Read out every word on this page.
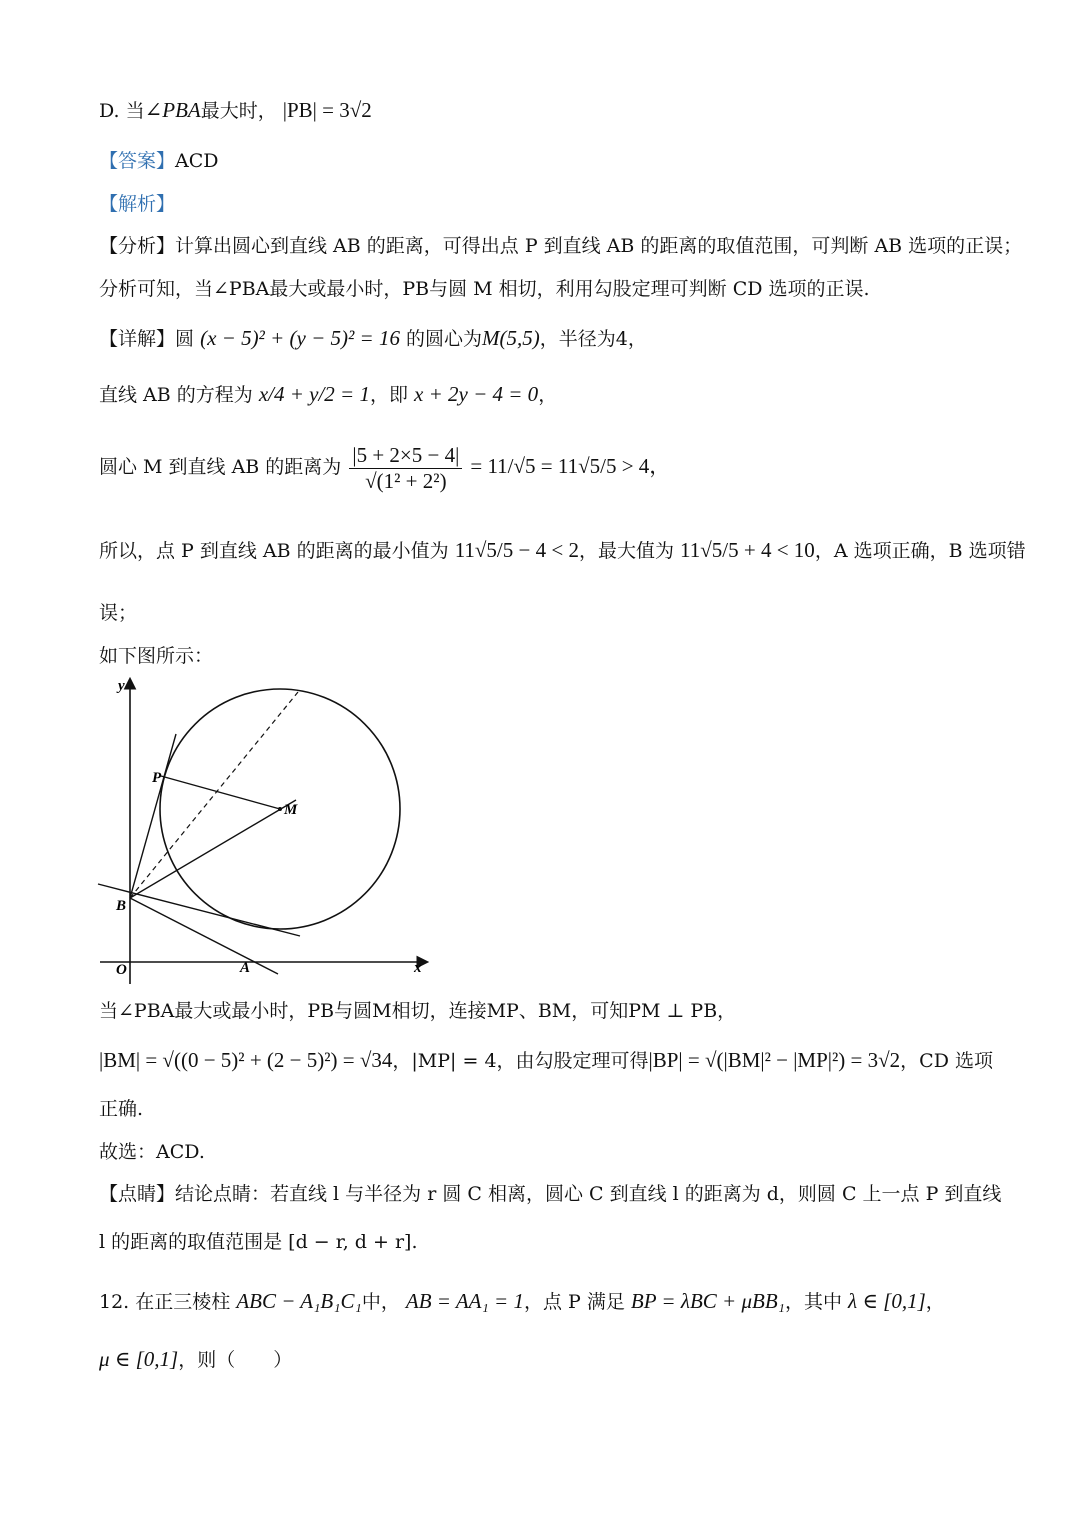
D. 当∠PBA最大时， |PB| = 3√2
【答案】ACD
【解析】
【分析】计算出圆心到直线 AB 的距离，可得出点 P 到直线 AB 的距离的取值范围，可判断 AB 选项的正误；
分析可知，当∠PBA最大或最小时，PB与圆 M 相切，利用勾股定理可判断 CD 选项的正误.
【详解】圆 (x − 5)² + (y − 5)² = 16 的圆心为M(5,5)，半径为4，
直线 AB 的方程为 x/4 + y/2 = 1，即 x + 2y − 4 = 0，
圆心 M 到直线 AB 的距离为 $\frac{|5 + 2\times 5 - 4|}{\text{√(1² + 2²)}} = 11/√5 = 11√5/5 > 4$，
所以，点 P 到直线 AB 的距离的最小值为 11√5/5 − 4 < 2，最大值为 11√5/5 + 4 < 10，A 选项正确，B 选项错
误；
如下图所示：
y
x
O	A
B
P
M
当∠PBA最大或最小时，PB与圆M相切，连接MP、BM，可知PM ⊥ PB，
|BM| = √((0 − 5)² + (2 − 5)²) = √34，|MP| = 4，由勾股定理可得|BP| = √(|BM|² − |MP|²) = 3√2，CD 选项
正确.
故选：ACD.
【点睛】结论点睛：若直线 l 与半径为 r 圆 C 相离，圆心 C 到直线 l 的距离为 d，则圆 C 上一点 P 到直线
l 的距离的取值范围是 [d − r, d + r].
12. 在正三棱柱 ABC − A₁B₁C₁中， AB = AA₁ = 1，点 P 满足 BP = λBC + μBB₁，其中 λ ∈ [0,1]，
μ ∈ [0,1]，则（　　）
